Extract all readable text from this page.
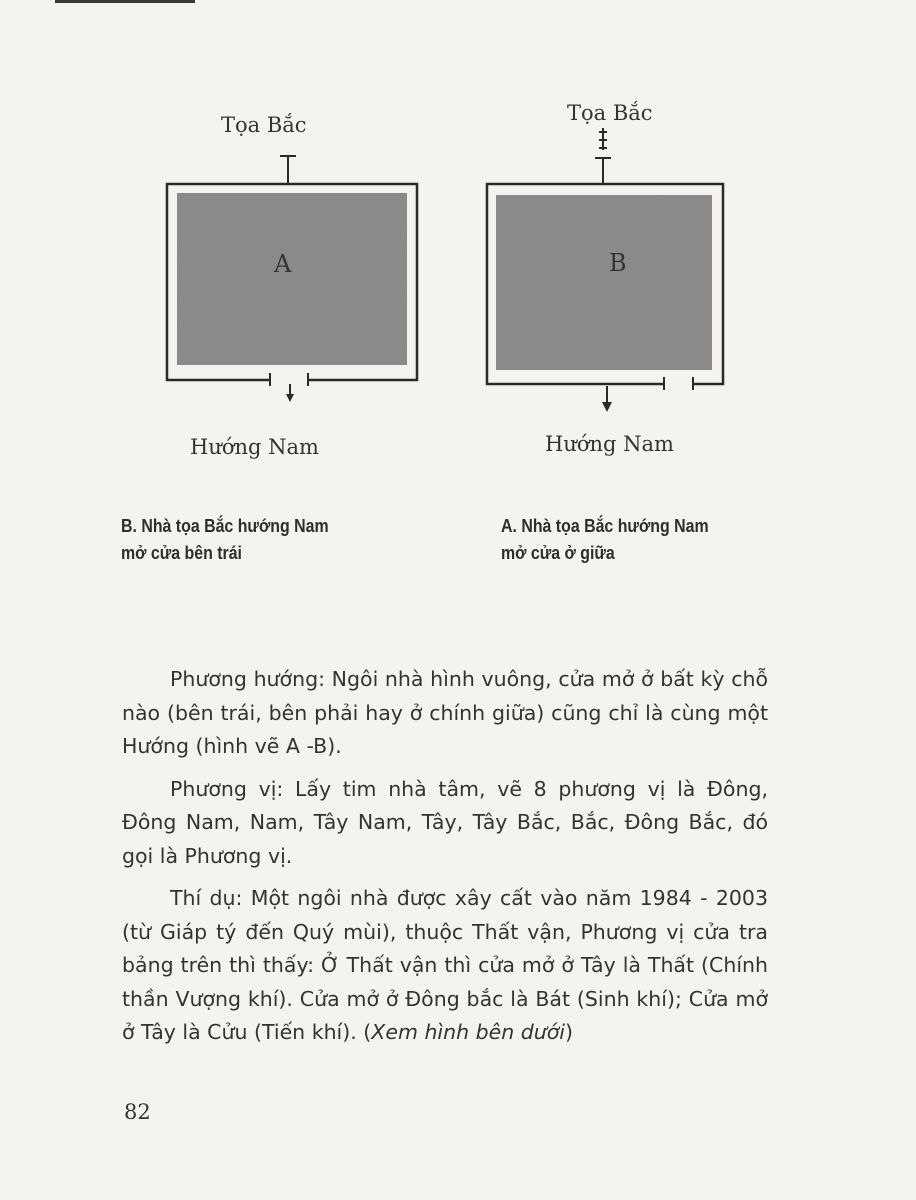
Tọa Bắc
A
Hướng Nam
Tọa Bắc
B
Hướng Nam
B. Nhà tọa Bắc hướng Nam
mở cửa bên trái
A. Nhà tọa Bắc hướng Nam
mở cửa ở giữa

Phương hướng: Ngôi nhà hình vuông, cửa mở ở bất kỳ chỗ nào (bên trái, bên phải hay ở chính giữa) cũng chỉ là cùng một Hướng (hình vẽ A -B).

Phương vị: Lấy tim nhà tâm, vẽ 8 phương vị là Đông, Đông Nam, Nam, Tây Nam, Tây, Tây Bắc, Bắc, Đông Bắc, đó gọi là Phương vị.

Thí dụ: Một ngôi nhà được xây cất vào năm 1984 - 2003 (từ Giáp tý đến Quý mùi), thuộc Thất vận, Phương vị cửa tra bảng trên thì thấy: Ở Thất vận thì cửa mở ở Tây là Thất (Chính thần Vượng khí). Cửa mở ở Đông bắc là Bát (Sinh khí); Cửa mở ở Tây là Cửu (Tiến khí). (Xem hình bên dưới)

82
